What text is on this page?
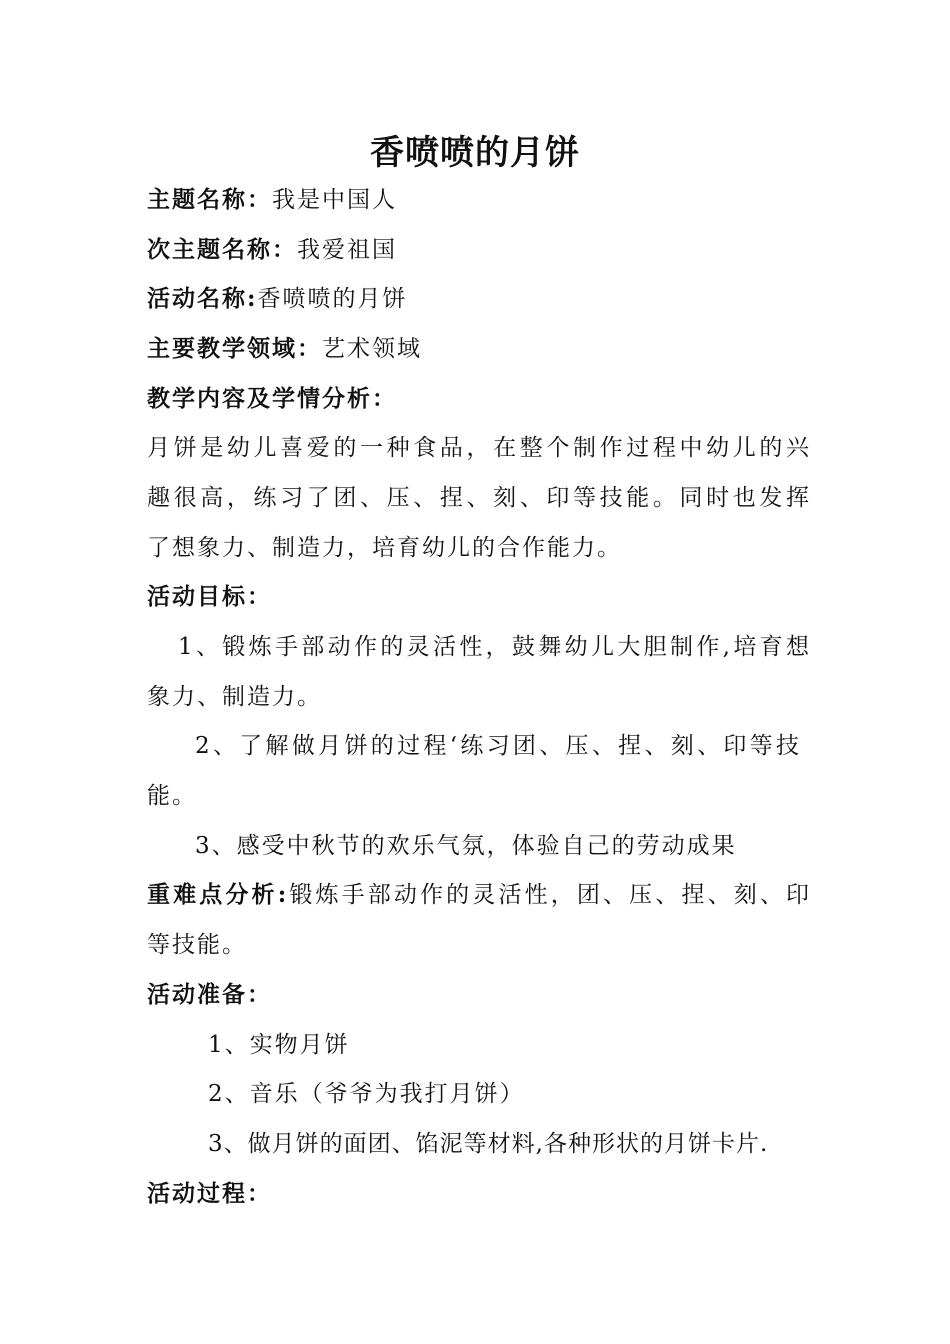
香喷喷的月饼
主题名称：我是中国人
次主题名称：我爱祖国
活动名称:香喷喷的月饼
主要教学领域：艺术领域
教学内容及学情分析：
月饼是幼儿喜爱的一种食品，在整个制作过程中幼儿的兴
趣很高，练习了团、压、捏、刻、印等技能。同时也发挥
了想象力、制造力，培育幼儿的合作能力。
活动目标：
1、锻炼手部动作的灵活性，鼓舞幼儿大胆制作,培育想
象力、制造力。
2、了解做月饼的过程‘练习团、压、捏、刻、印等技
能。
3、感受中秋节的欢乐气氛，体验自己的劳动成果
重难点分析:锻炼手部动作的灵活性，团、压、捏、刻、印
等技能。
活动准备：
1、实物月饼
2、音乐（爷爷为我打月饼）
3、做月饼的面团、馅泥等材料,各种形状的月饼卡片.
活动过程：
